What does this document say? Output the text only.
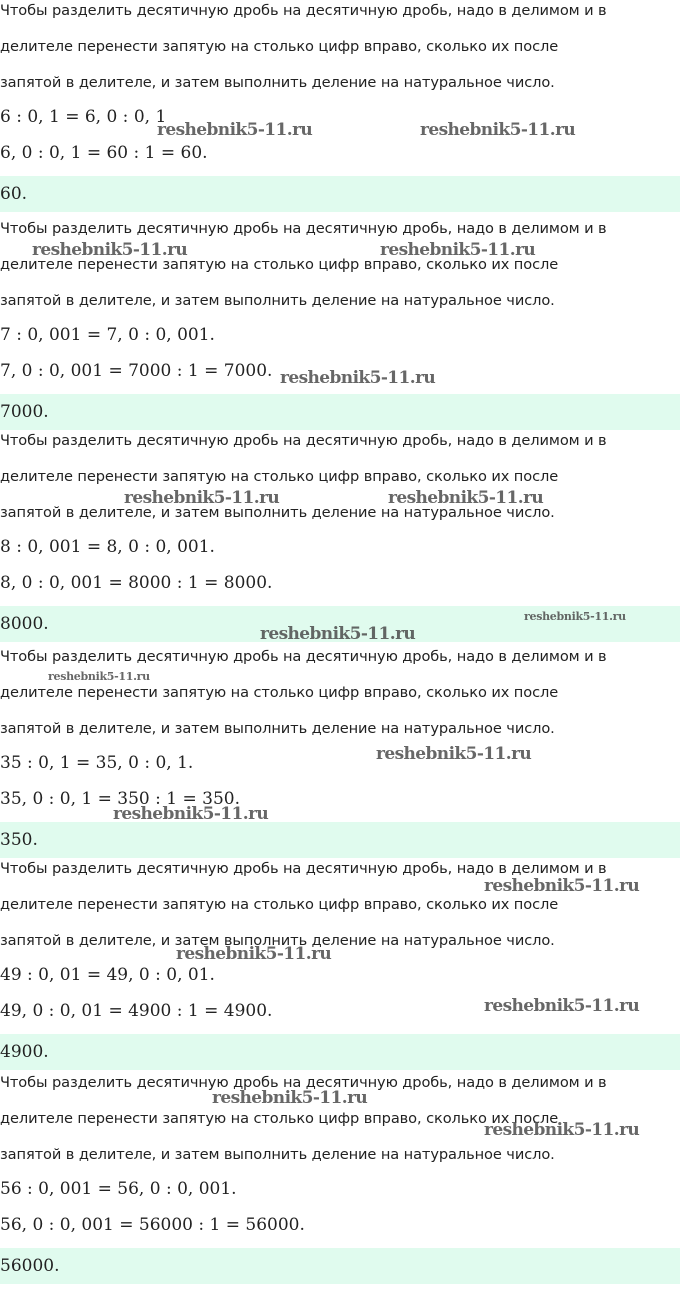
Чтобы разделить десятичную дробь на десятичную дробь, надо в делимом и в
делителе перенести запятую на столько цифр вправо, сколько их после
запятой в делителе, и затем выполнить деление на натуральное число.
6 : 0, 1 = 6, 0 : 0, 1
6, 0 : 0, 1 = 60 : 1 = 60.
60.
Чтобы разделить десятичную дробь на десятичную дробь, надо в делимом и в
делителе перенести запятую на столько цифр вправо, сколько их после
запятой в делителе, и затем выполнить деление на натуральное число.
7 : 0, 001 = 7, 0 : 0, 001.
7, 0 : 0, 001 = 7000 : 1 = 7000.
7000.
Чтобы разделить десятичную дробь на десятичную дробь, надо в делимом и в
делителе перенести запятую на столько цифр вправо, сколько их после
запятой в делителе, и затем выполнить деление на натуральное число.
8 : 0, 001 = 8, 0 : 0, 001.
8, 0 : 0, 001 = 8000 : 1 = 8000.
8000.
Чтобы разделить десятичную дробь на десятичную дробь, надо в делимом и в
делителе перенести запятую на столько цифр вправо, сколько их после
запятой в делителе, и затем выполнить деление на натуральное число.
35 : 0, 1 = 35, 0 : 0, 1.
35, 0 : 0, 1 = 350 : 1 = 350.
350.
Чтобы разделить десятичную дробь на десятичную дробь, надо в делимом и в
делителе перенести запятую на столько цифр вправо, сколько их после
запятой в делителе, и затем выполнить деление на натуральное число.
49 : 0, 01 = 49, 0 : 0, 01.
49, 0 : 0, 01 = 4900 : 1 = 4900.
4900.
Чтобы разделить десятичную дробь на десятичную дробь, надо в делимом и в
делителе перенести запятую на столько цифр вправо, сколько их после
запятой в делителе, и затем выполнить деление на натуральное число.
56 : 0, 001 = 56, 0 : 0, 001.
56, 0 : 0, 001 = 56000 : 1 = 56000.
56000.
reshebnik5-11.ru	reshebnik5-11.ru
reshebnik5-11.ru	reshebnik5-11.ru
reshebnik5-11.ru
reshebnik5-11.ru	reshebnik5-11.ru
reshebnik5-11.ru
reshebnik5-11.ru
reshebnik5-11.ru
reshebnik5-11.ru
reshebnik5-11.ru
reshebnik5-11.ru
reshebnik5-11.ru
reshebnik5-11.ru
reshebnik5-11.ru
reshebnik5-11.ru
